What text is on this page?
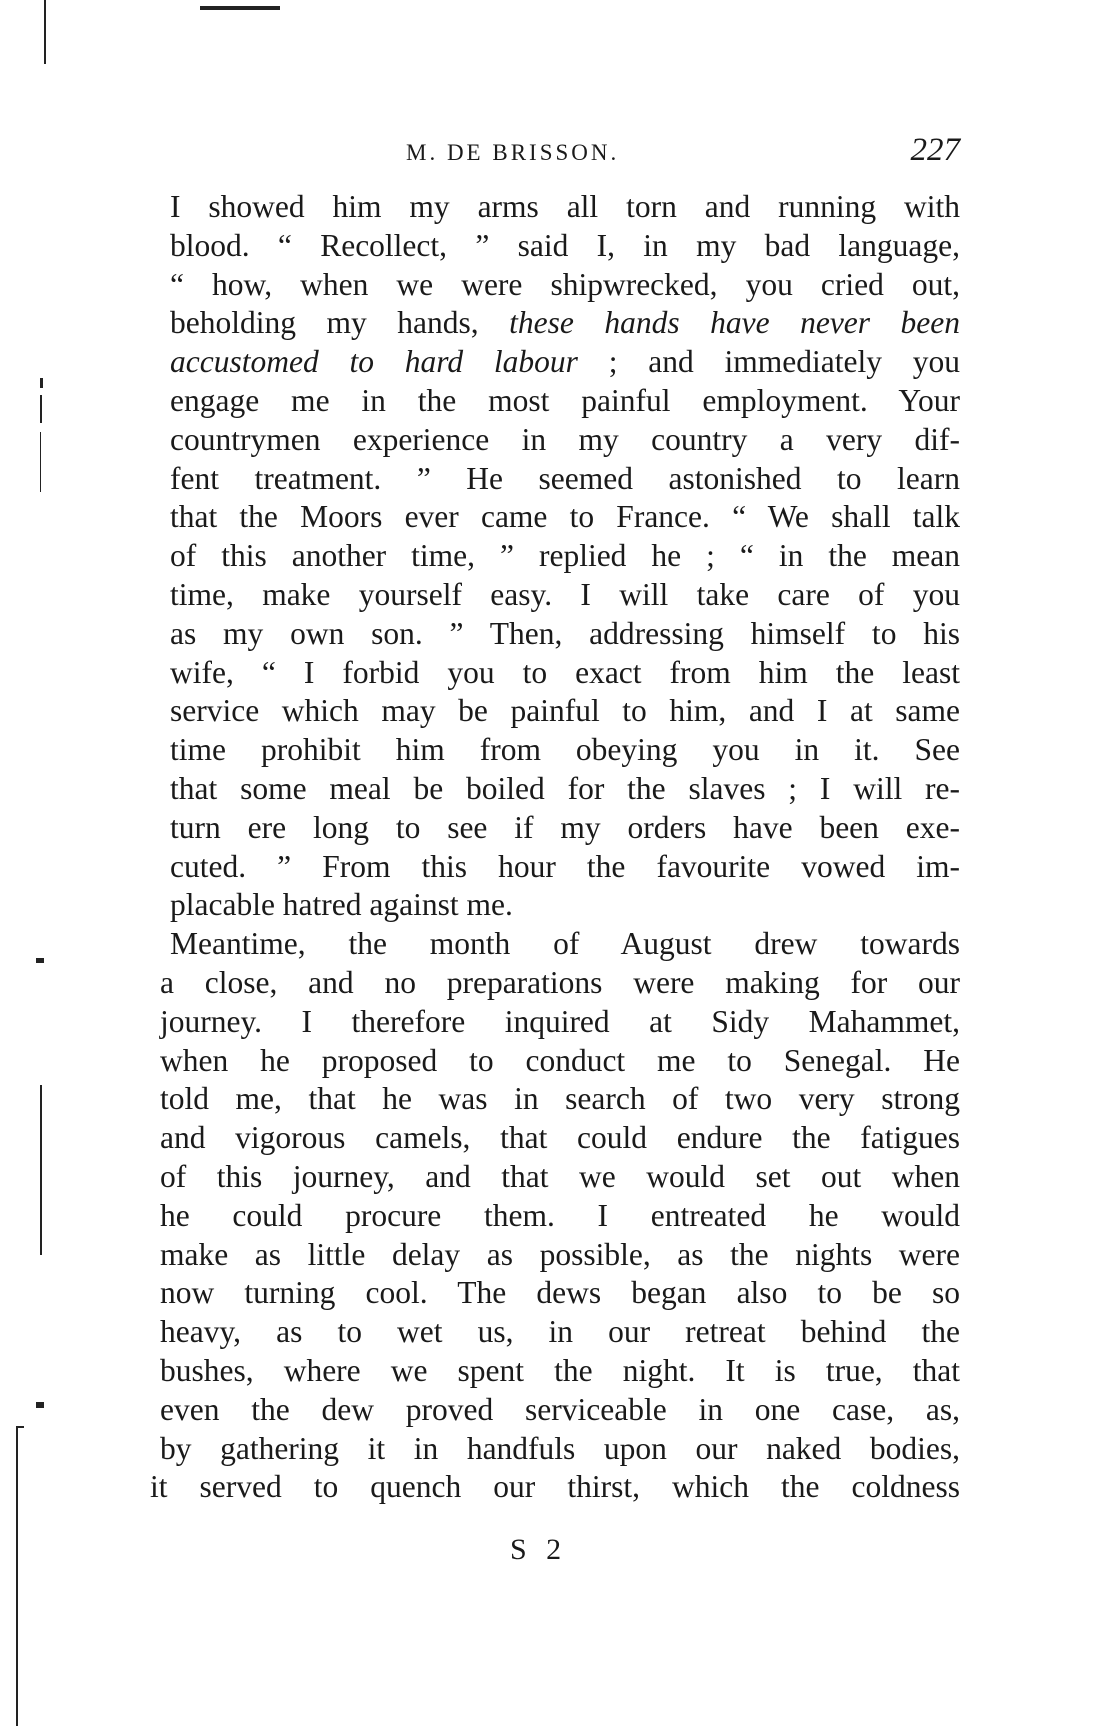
M. DE BRISSON.	227
I showed him my arms all torn and running with
blood. “ Recollect, ” said I, in my bad language,
“ how, when we were shipwrecked, you cried out,
beholding my hands, these hands have never been
accustomed to hard labour ; and immediately you
engage me in the most painful employment. Your
countrymen experience in my country a very dif-
fent treatment. ” He seemed astonished to learn
that the Moors ever came to France. “ We shall talk
of this another time, ” replied he ; “ in the mean
time, make yourself easy. I will take care of you
as my own son. ” Then, addressing himself to his
wife, “ I forbid you to exact from him the least
service which may be painful to him, and I at same
time prohibit him from obeying you in it. See
that some meal be boiled for the slaves ; I will re-
turn ere long to see if my orders have been exe-
cuted. ” From this hour the favourite vowed im-
placable hatred against me.
Meantime, the month of August drew towards
a close, and no preparations were making for our
journey. I therefore inquired at Sidy Mahammet,
when he proposed to conduct me to Senegal. He
told me, that he was in search of two very strong
and vigorous camels, that could endure the fatigues
of this journey, and that we would set out when
he could procure them. I entreated he would
make as little delay as possible, as the nights were
now turning cool. The dews began also to be so
heavy, as to wet us, in our retreat behind the
bushes, where we spent the night. It is true, that
even the dew proved serviceable in one case, as,
by gathering it in handfuls upon our naked bodies,
it served to quench our thirst, which the coldness
S 2
